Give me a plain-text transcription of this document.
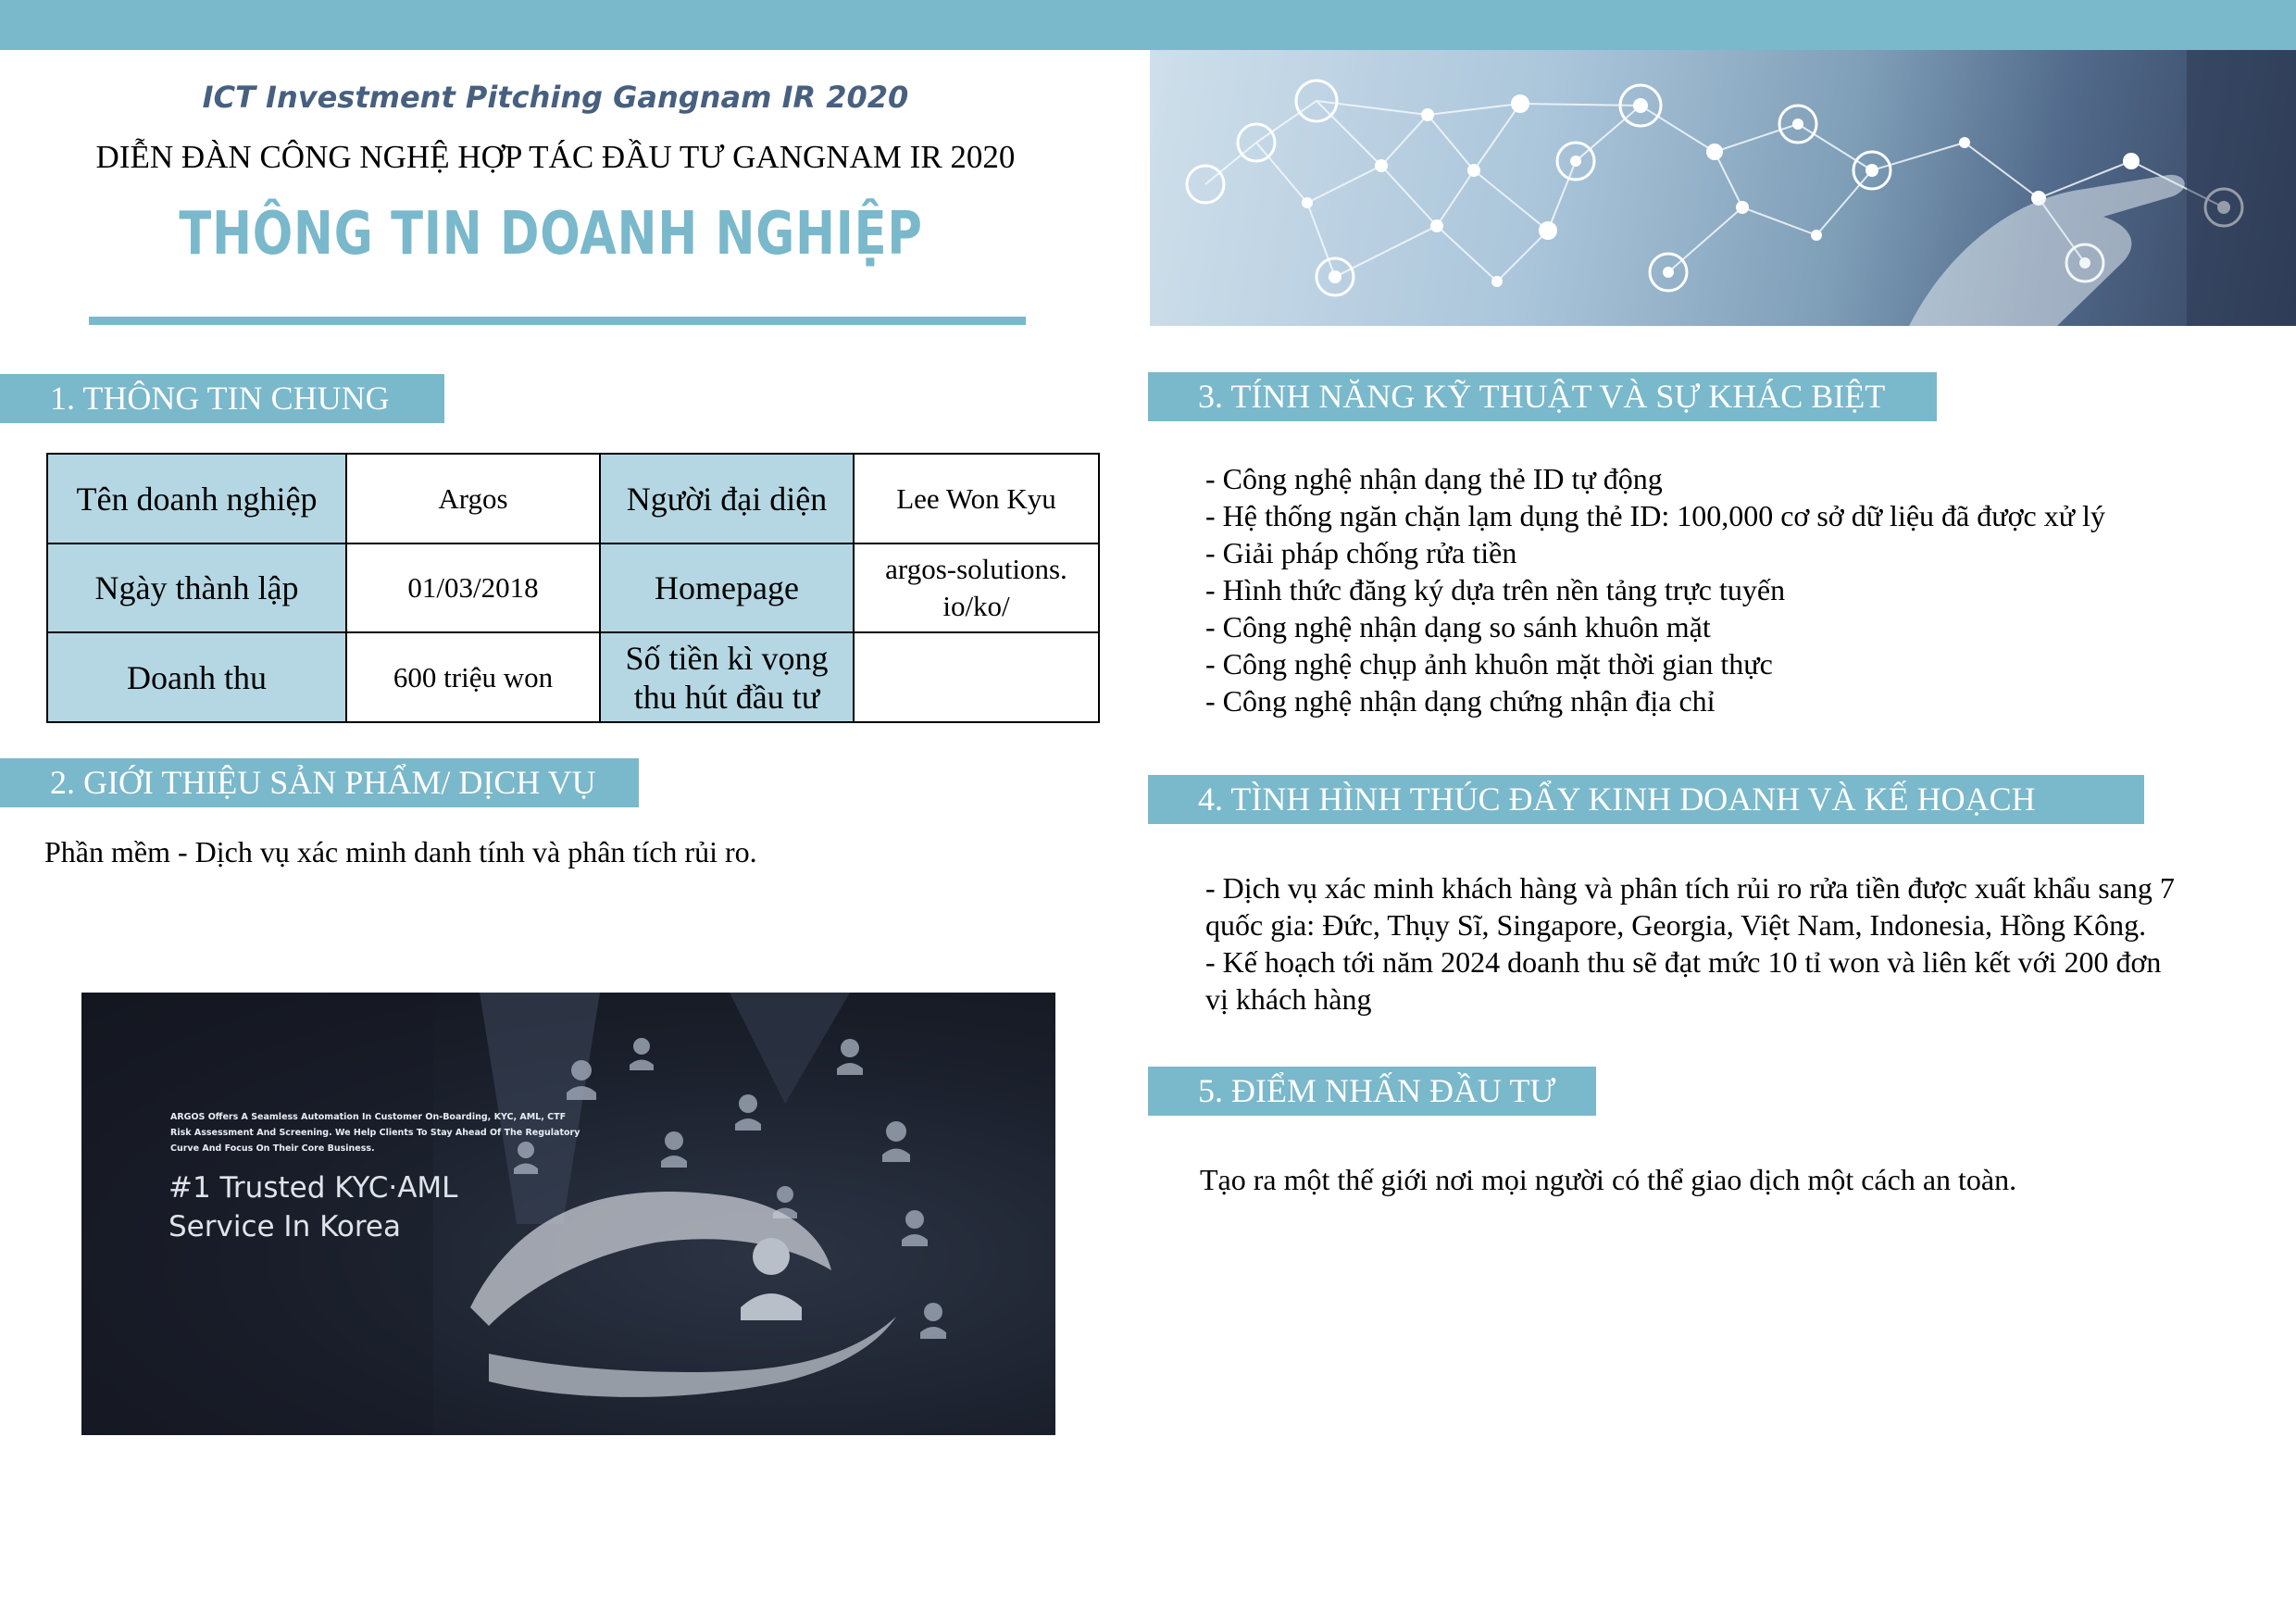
ICT Investment Pitching Gangnam IR 2020
DIỄN ĐÀN CÔNG NGHỆ HỢP TÁC ĐẦU TƯ GANGNAM IR 2020
THÔNG TIN DOANH NGHIỆP
1. THÔNG TIN CHUNG
Tên doanh nghiệp	Argos	Người đại diện	Lee Won Kyu
Ngày thành lập	01/03/2018	Homepage	argos-solutions.
io/ko/

Doanh thu	600 triệu won	Số tiền kì vọng
thu hút đầu tư	

2. GIỚI THIỆU SẢN PHẨM/ DỊCH VỤ
Phần mềm - Dịch vụ xác minh danh tính và phân tích rủi ro.
ARGOS Offers A Seamless Automation In Customer On-Boarding, KYC, AML, CTF
Risk Assessment And Screening. We Help Clients To Stay Ahead Of The Regulatory
Curve And Focus On Their Core Business.
#1 Trusted KYC·AML
Service In Korea
3. TÍNH NĂNG KỸ THUẬT VÀ SỰ KHÁC BIỆT
- Công nghệ nhận dạng thẻ ID tự động
- Hệ thống ngăn chặn lạm dụng thẻ ID: 100,000 cơ sở dữ liệu đã được xử lý
- Giải pháp chống rửa tiền
- Hình thức đăng ký dựa trên nền tảng trực tuyến
- Công nghệ nhận dạng so sánh khuôn mặt
- Công nghệ chụp ảnh khuôn mặt thời gian thực
- Công nghệ nhận dạng chứng nhận địa chỉ
4. TÌNH HÌNH THÚC ĐẨY KINH DOANH VÀ KẾ HOẠCH
- Dịch vụ xác minh khách hàng và phân tích rủi ro rửa tiền được xuất khẩu sang 7
quốc gia: Đức, Thụy Sĩ, Singapore, Georgia, Việt Nam, Indonesia, Hồng Kông.
- Kế hoạch tới năm 2024 doanh thu sẽ đạt mức 10 tỉ won và liên kết với 200 đơn
vị khách hàng
5. ĐIỂM NHẤN ĐẦU TƯ
Tạo ra một thế giới nơi mọi người có thể giao dịch một cách an toàn.
